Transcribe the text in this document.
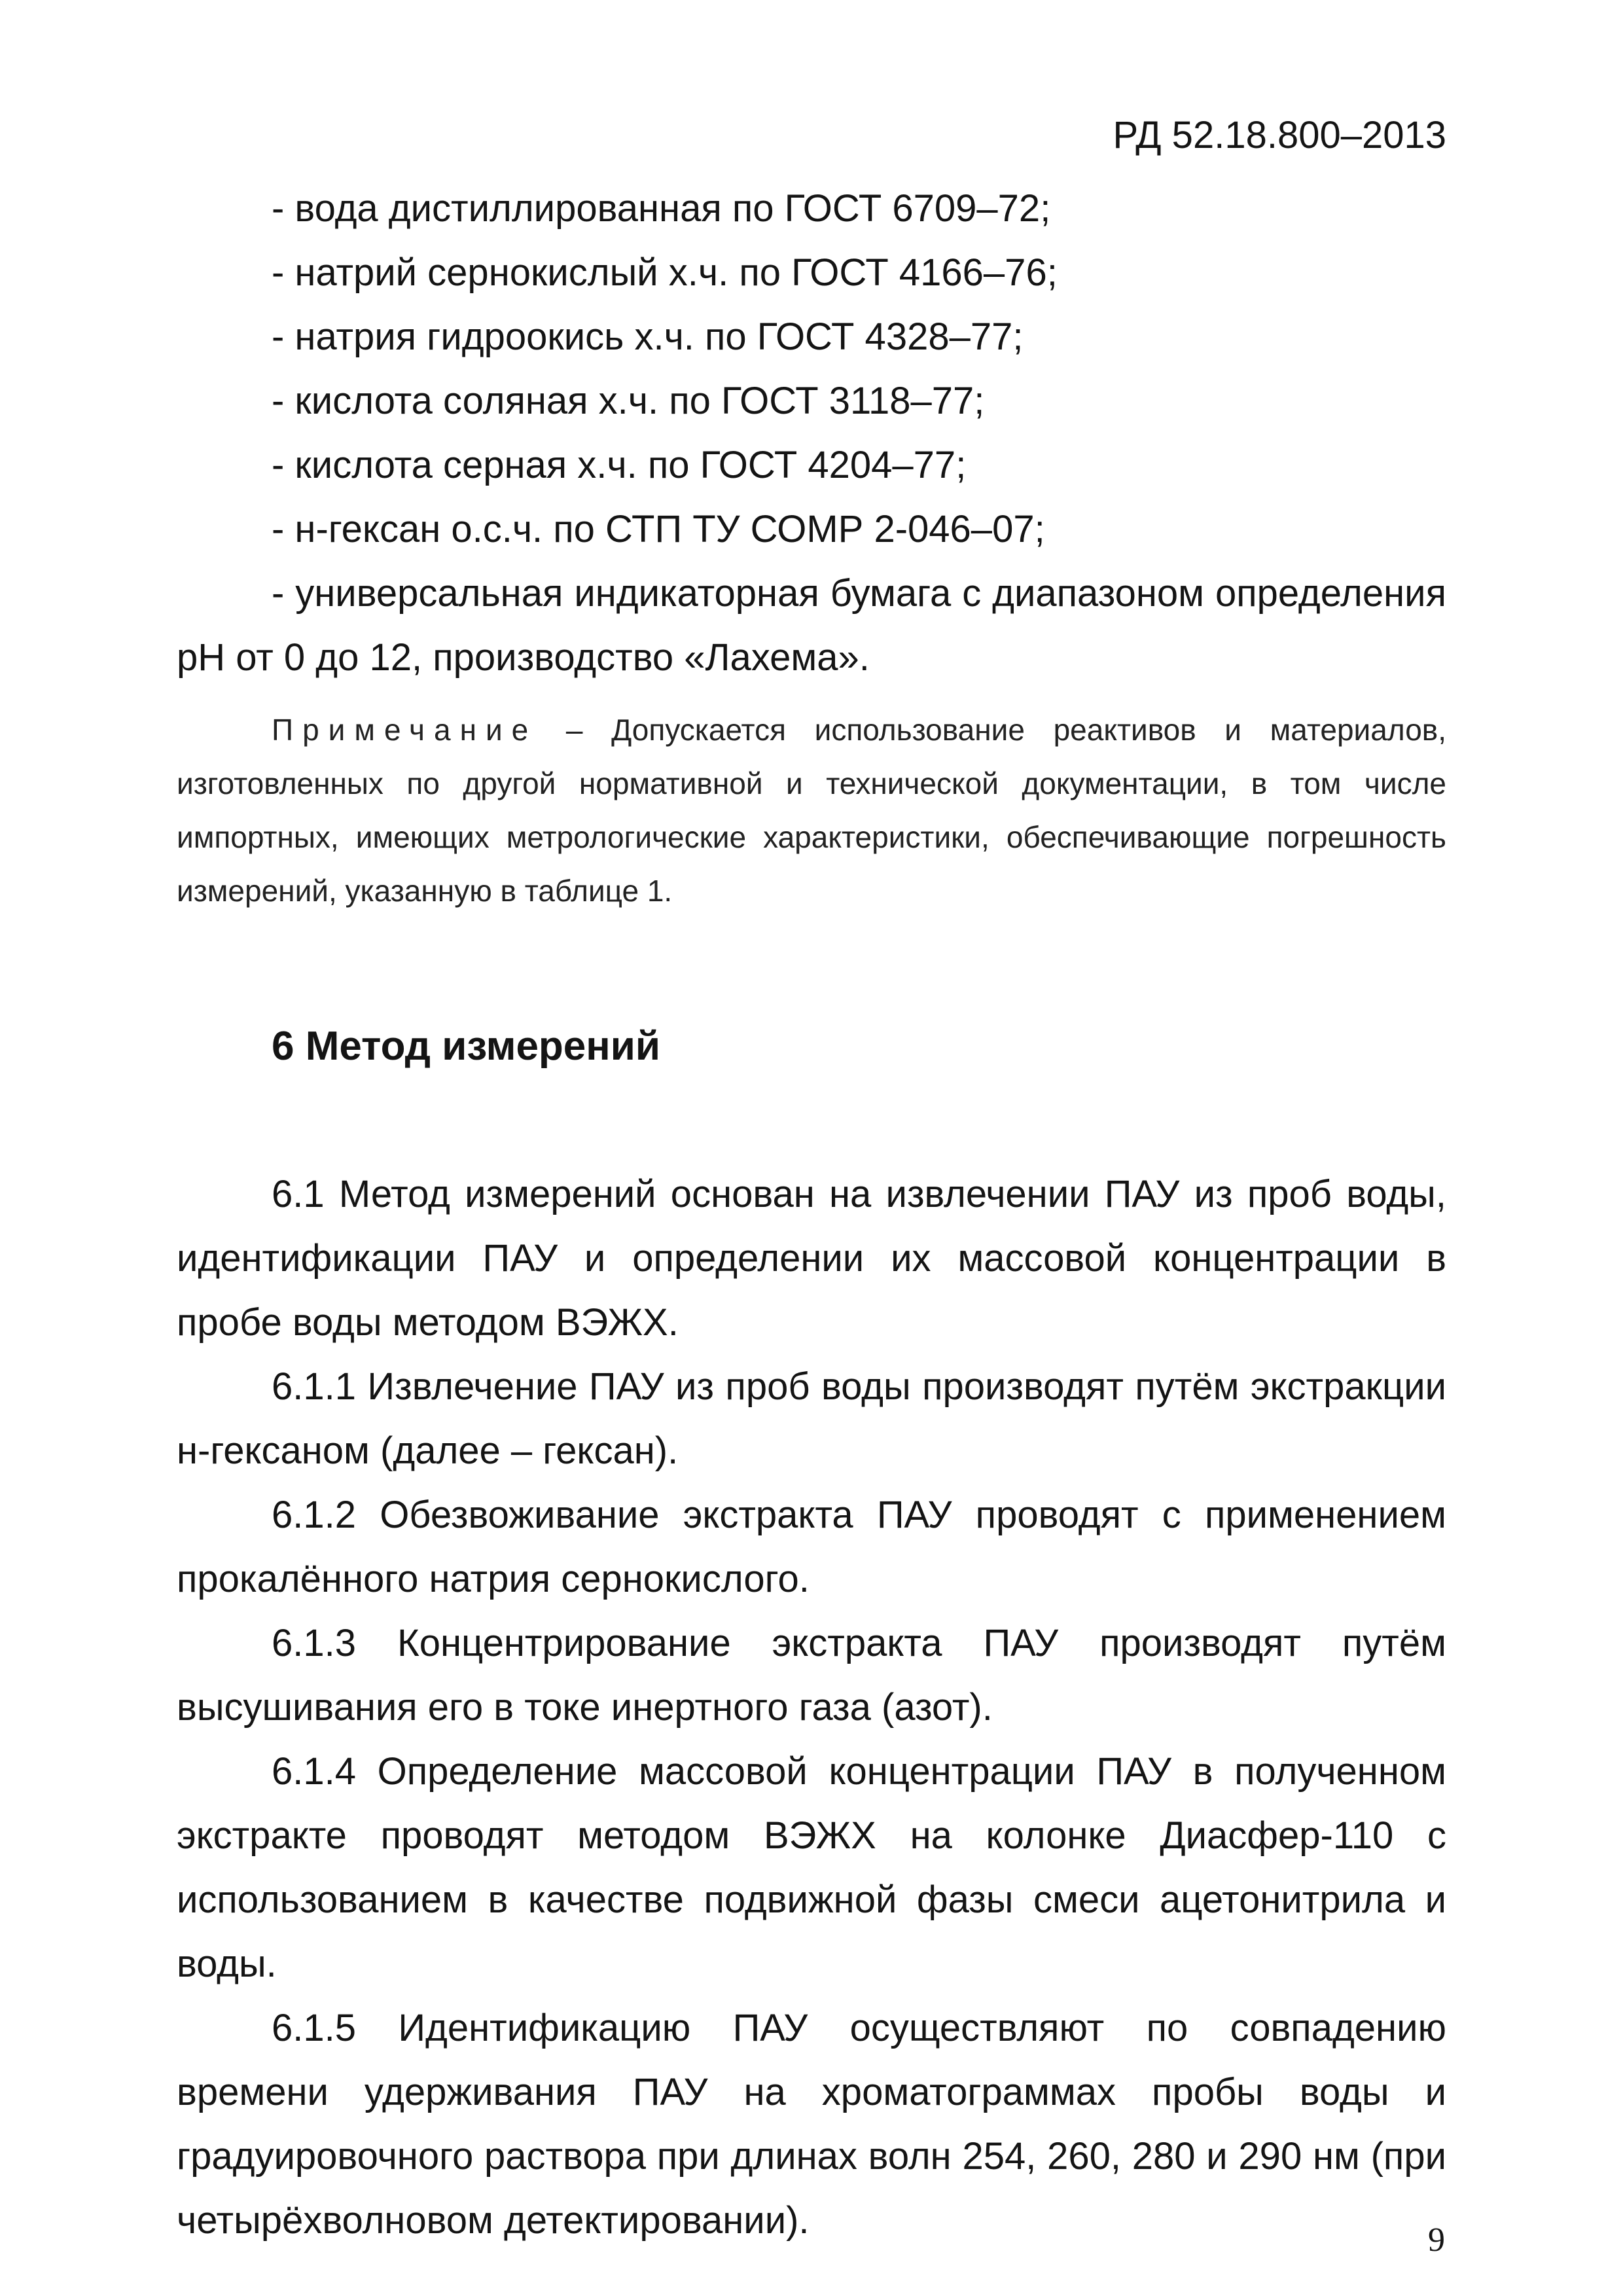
РД 52.18.800–2013

- вода дистиллированная по ГОСТ 6709–72;

- натрий сернокислый х.ч. по ГОСТ 4166–76;

- натрия гидроокись х.ч. по ГОСТ 4328–77;

- кислота соляная х.ч. по ГОСТ 3118–77;

- кислота серная х.ч. по ГОСТ 4204–77;

- н-гексан о.с.ч. по СТП ТУ СОМР 2-046–07;

- универсальная индикаторная бумага с диапазоном определения рН от 0 до 12, производство «Лахема».

Примечание – Допускается использование реактивов и материалов, изготовленных по другой нормативной и технической документации, в том числе импортных, имеющих метрологические характеристики, обеспечивающие погрешность измерений, указанную в таблице 1.

6 Метод измерений

6.1 Метод измерений основан на извлечении ПАУ из проб воды, идентификации ПАУ и определении их массовой концентрации в пробе воды методом ВЭЖХ.

6.1.1 Извлечение ПАУ из проб воды производят путём экстракции н-гексаном (далее – гексан).

6.1.2 Обезвоживание экстракта ПАУ проводят с применением прокалённого натрия сернокислого.

6.1.3 Концентрирование экстракта ПАУ производят путём высушивания его в токе инертного газа (азот).

6.1.4 Определение массовой концентрации ПАУ в полученном экстракте проводят методом ВЭЖХ на колонке Диасфер-110 с использованием в качестве подвижной фазы смеси ацетонитрила и воды.

6.1.5 Идентификацию ПАУ осуществляют по совпадению времени удерживания ПАУ на хроматограммах пробы воды и градуировочного раствора при длинах волн 254, 260, 280 и 290 нм (при четырёхволновом детектировании).	9
